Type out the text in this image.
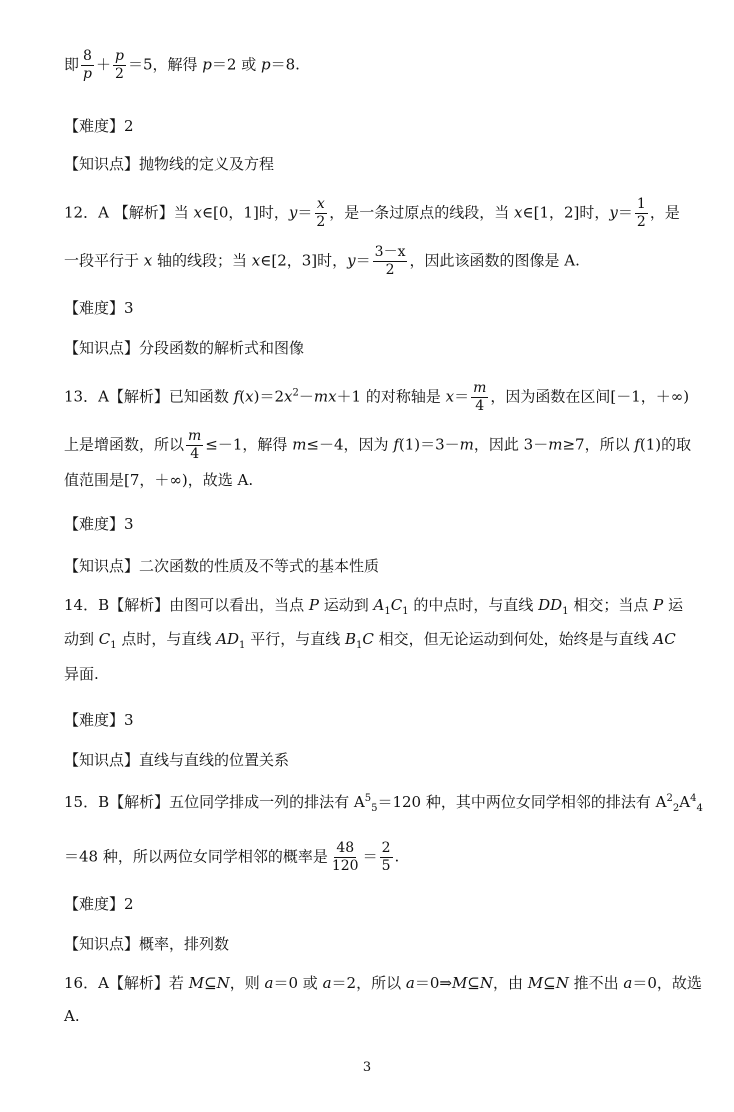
即 $\frac{8}{p} + \frac{p}{2} =5$，解得 p＝2 或 p＝8.
【难度】2
【知识点】抛物线的定义及方程
12．A 【解析】当 x∈[0，1]时，$y= \frac{x}{2}$ ，是一条过原点的线段，当 x∈[1，2]时，$y= \frac{1}{2}$ ，是
一段平行于 x 轴的线段；当 x∈[2，3]时，$y= \frac{3-x}{2}$ ，因此该函数的图像是 A.
【难度】3
【知识点】分段函数的解析式和图像
13．A【解析】已知函数 $f(x)=2x^2-mx+1$ 的对称轴是 $x= \frac{m}{4}$ ，因为函数在区间[－1，＋∞)
上是增函数，所以 $\frac{m}{4} \le-1$，解得 m≤－4，因为 f(1)＝3－m，因此 3－m≥7，所以 f(1)的取
值范围是[7，＋∞)，故选 A.
【难度】3
【知识点】二次函数的性质及不等式的基本性质
14．B【解析】由图可以看出，当点 P 运动到 $A_1C_1$ 的中点时，与直线 $DD_1$ 相交；当点 P 运
动到 $C_1$ 点时，与直线 $AD_1$ 平行，与直线 $B_1C$ 相交，但无论运动到何处，始终是与直线 AC
异面.
【难度】3
【知识点】直线与直线的位置关系
15．B【解析】五位同学排成一列的排法有 $A^5_5=120$ 种，其中两位女同学相邻的排法有 $A^2_2A^4_4$
＝48 种，所以两位女同学相邻的概率是 $\frac{48}{120} = \frac{2}{5}$ .
【难度】2
【知识点】概率，排列数
16．A【解析】若 M⊆N，则 a＝0 或 a＝2，所以 a＝0⇒M⊆N，由 M⊆N 推不出 a＝0，故选
A.
3
